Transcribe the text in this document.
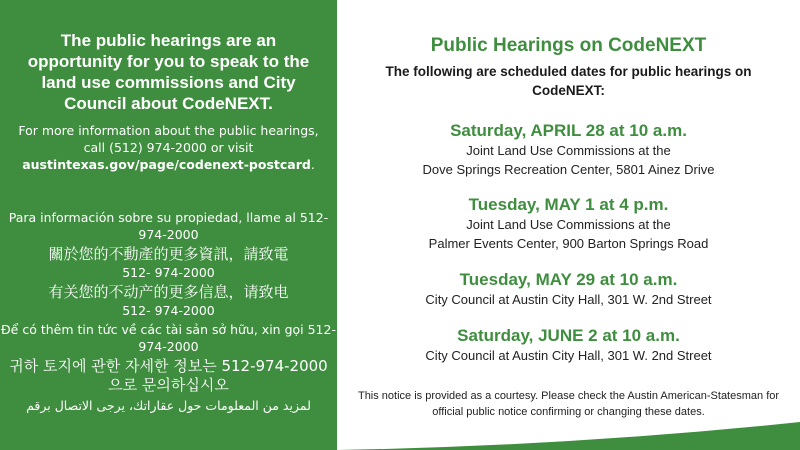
The public hearings are an opportunity for you to speak to the land use commissions and City Council about CodeNEXT.
For more information about the public hearings, call (512) 974-2000 or visit austintexas.gov/page/codenext-postcard.
Para información sobre su propiedad, llame al 512- 974-2000
關於您的不動產的更多資訊，請致電
512- 974-2000
有关您的不动产的更多信息，请致电
512- 974-2000
Để có thêm tin tức về các tài sản sở hữu, xin gọi 512-974-2000
귀하 토지에 관한 자세한 정보는 512-974-2000 으로 문의하십시오
لمزيد من المعلومات حول عقاراتك، يرجى الاتصال برقم
Public Hearings on CodeNEXT
The following are scheduled dates for public hearings on CodeNEXT:
Saturday, APRIL 28 at 10 a.m.
Joint Land Use Commissions at the
Dove Springs Recreation Center, 5801 Ainez Drive
Tuesday, MAY 1 at 4 p.m.
Joint Land Use Commissions at the
Palmer Events Center, 900 Barton Springs Road
Tuesday, MAY 29 at 10 a.m.
City Council at Austin City Hall, 301 W. 2nd Street
Saturday, JUNE 2 at 10 a.m.
City Council at Austin City Hall, 301 W. 2nd Street
This notice is provided as a courtesy. Please check the Austin American-Statesman for official public notice confirming or changing these dates.
